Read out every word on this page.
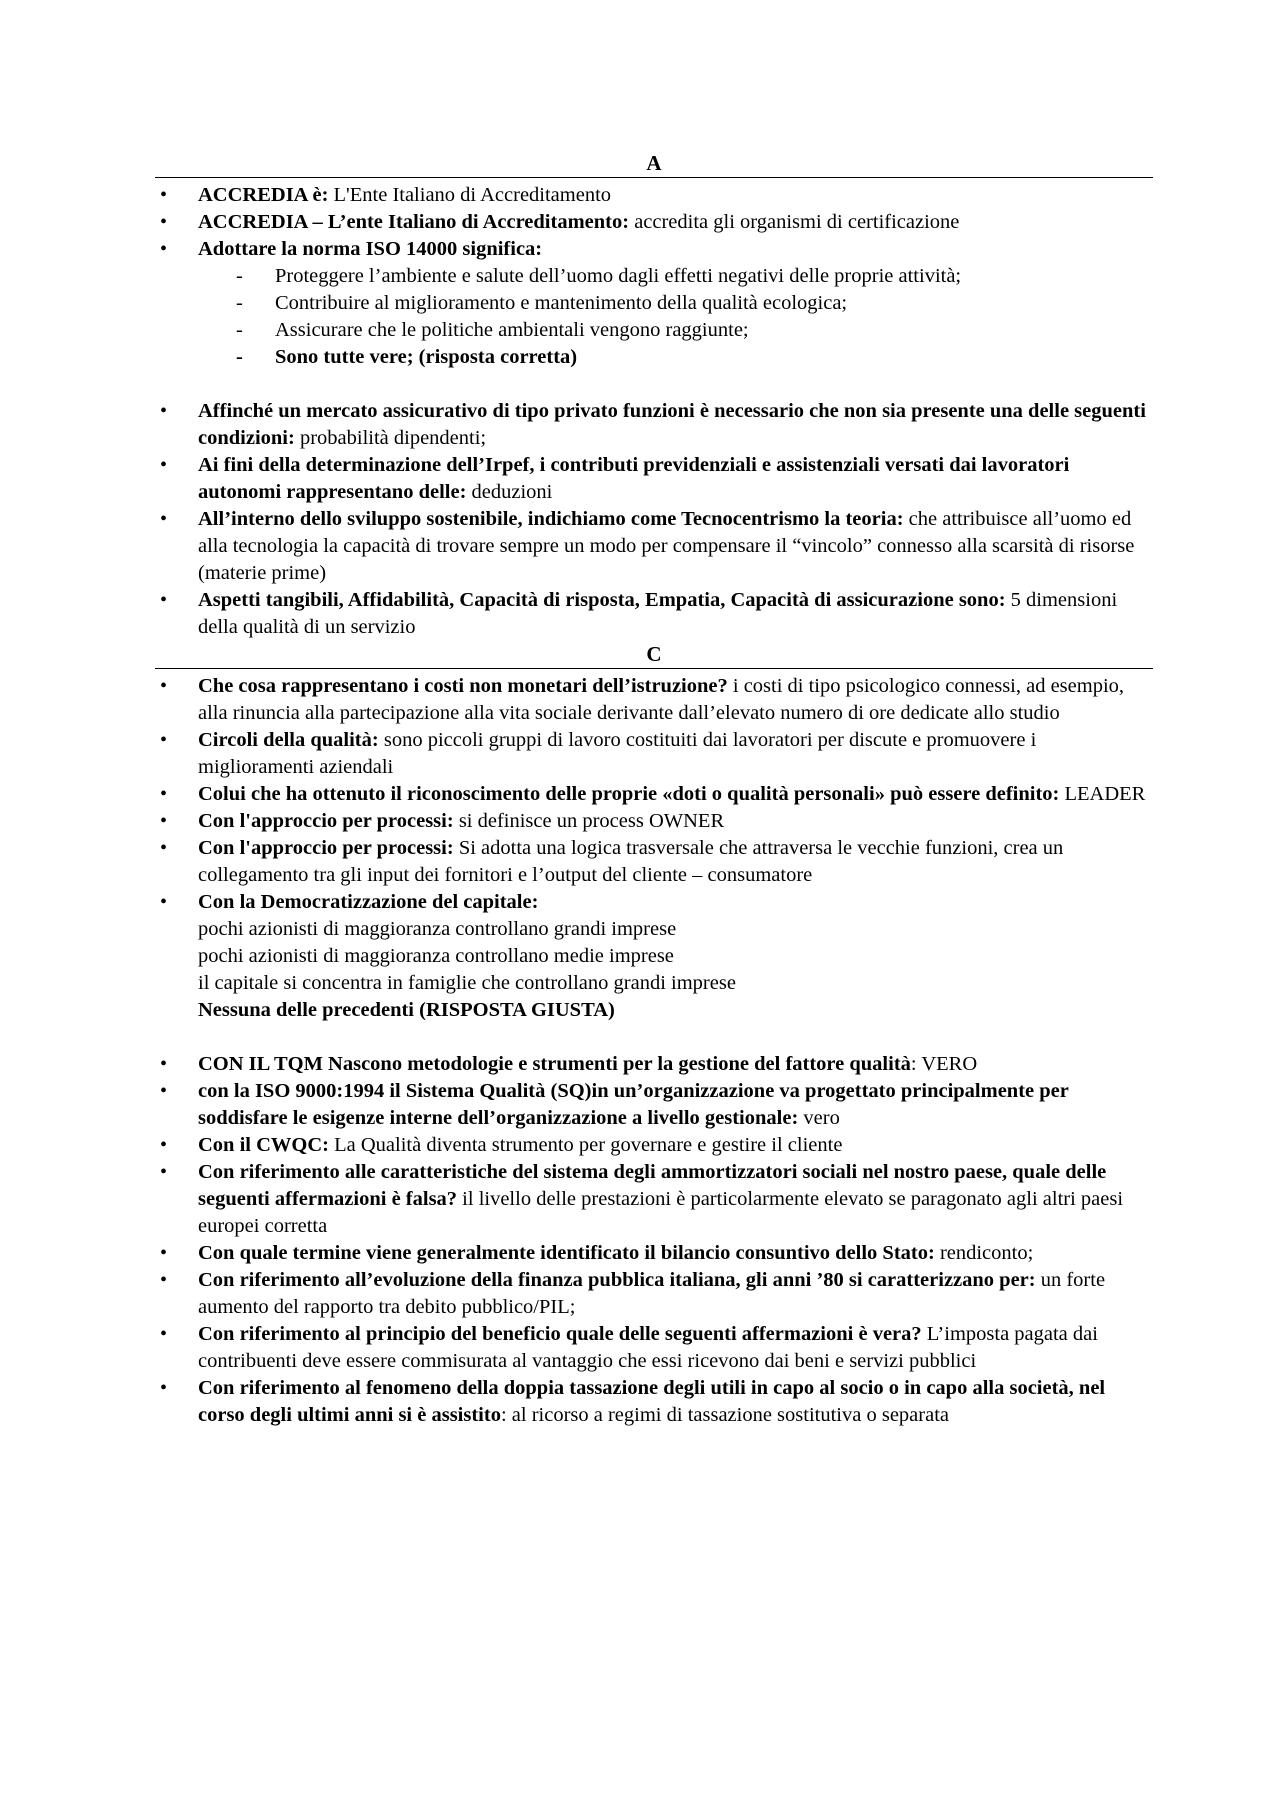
A
• ACCREDIA è: L'Ente Italiano di Accreditamento
• ACCREDIA – L’ente Italiano di Accreditamento: accredita gli organismi di certificazione
• Adottare la norma ISO 14000 significa:
- Proteggere l’ambiente e salute dell’uomo dagli effetti negativi delle proprie attività;
- Contribuire al miglioramento e mantenimento della qualità ecologica;
- Assicurare che le politiche ambientali vengono raggiunte;
- Sono tutte vere; (risposta corretta)
• Affinché un mercato assicurativo di tipo privato funzioni è necessario che non sia presente una delle seguenti condizioni: probabilità dipendenti;
• Ai fini della determinazione dell’Irpef, i contributi previdenziali e assistenziali versati dai lavoratori autonomi rappresentano delle: deduzioni
• All’interno dello sviluppo sostenibile, indichiamo come Tecnocentrismo la teoria: che attribuisce all’uomo ed alla tecnologia la capacità di trovare sempre un modo per compensare il “vincolo” connesso alla scarsità di risorse (materie prime)
• Aspetti tangibili, Affidabilità, Capacità di risposta, Empatia, Capacità di assicurazione sono: 5 dimensioni della qualità di un servizio
C
• Che cosa rappresentano i costi non monetari dell’istruzione? i costi di tipo psicologico connessi, ad esempio, alla rinuncia alla partecipazione alla vita sociale derivante dall’elevato numero di ore dedicate allo studio
• Circoli della qualità: sono piccoli gruppi di lavoro costituiti dai lavoratori per discute e promuovere i miglioramenti aziendali
• Colui che ha ottenuto il riconoscimento delle proprie «doti o qualità personali» può essere definito: LEADER
• Con l'approccio per processi: si definisce un process OWNER
• Con l'approccio per processi: Si adotta una logica trasversale che attraversa le vecchie funzioni, crea un collegamento tra gli input dei fornitori e l’output del cliente – consumatore
• Con la Democratizzazione del capitale:
pochi azionisti di maggioranza controllano grandi imprese
pochi azionisti di maggioranza controllano medie imprese
il capitale si concentra in famiglie che controllano grandi imprese
Nessuna delle precedenti (RISPOSTA GIUSTA)
• CON IL TQM Nascono metodologie e strumenti per la gestione del fattore qualità: VERO
• con la ISO 9000:1994 il Sistema Qualità (SQ)in un’organizzazione va progettato principalmente per soddisfare le esigenze interne dell’organizzazione a livello gestionale: vero
• Con il CWQC: La Qualità diventa strumento per governare e gestire il cliente
• Con riferimento alle caratteristiche del sistema degli ammortizzatori sociali nel nostro paese, quale delle seguenti affermazioni è falsa? il livello delle prestazioni è particolarmente elevato se paragonato agli altri paesi europei corretta
• Con quale termine viene generalmente identificato il bilancio consuntivo dello Stato: rendiconto;
• Con riferimento all’evoluzione della finanza pubblica italiana, gli anni ’80 si caratterizzano per: un forte aumento del rapporto tra debito pubblico/PIL;
• Con riferimento al principio del beneficio quale delle seguenti affermazioni è vera? L’imposta pagata dai contribuenti deve essere commisurata al vantaggio che essi ricevono dai beni e servizi pubblici
• Con riferimento al fenomeno della doppia tassazione degli utili in capo al socio o in capo alla società, nel corso degli ultimi anni si è assistito: al ricorso a regimi di tassazione sostitutiva o separata
